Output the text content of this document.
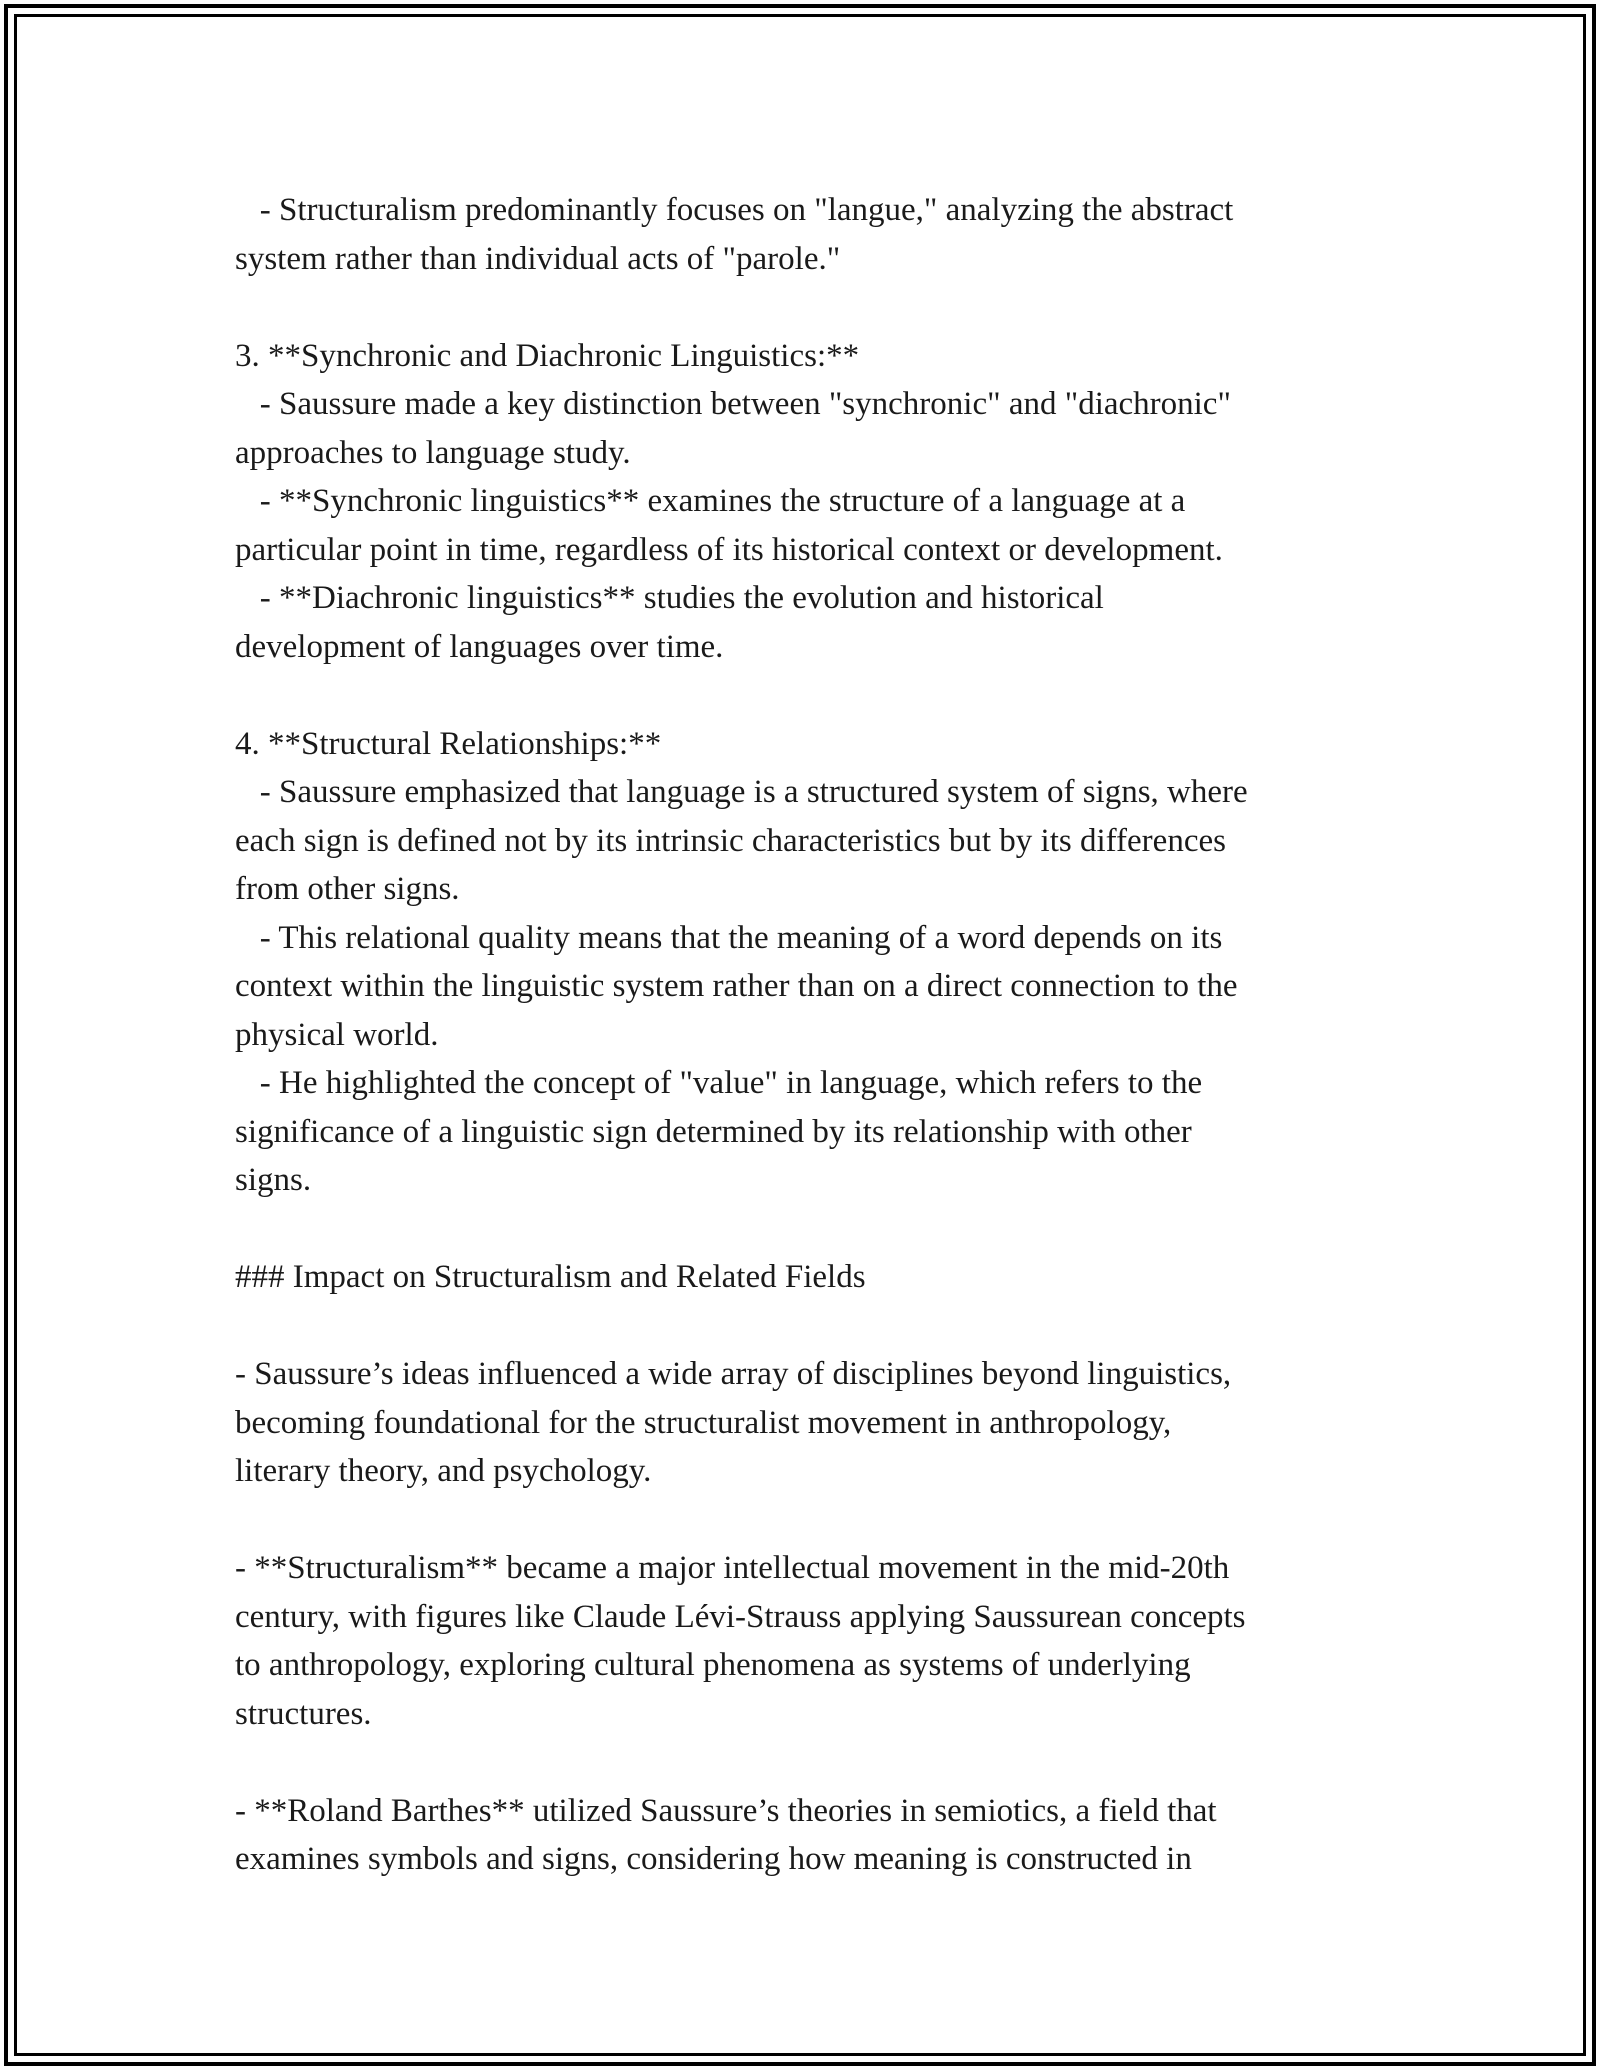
- Structuralism predominantly focuses on "langue," analyzing the abstract
system rather than individual acts of "parole."
3. **Synchronic and Diachronic Linguistics:**
- Saussure made a key distinction between "synchronic" and "diachronic"
approaches to language study.
- **Synchronic linguistics** examines the structure of a language at a
particular point in time, regardless of its historical context or development.
- **Diachronic linguistics** studies the evolution and historical
development of languages over time.
4. **Structural Relationships:**
- Saussure emphasized that language is a structured system of signs, where
each sign is defined not by its intrinsic characteristics but by its differences
from other signs.
- This relational quality means that the meaning of a word depends on its
context within the linguistic system rather than on a direct connection to the
physical world.
- He highlighted the concept of "value" in language, which refers to the
significance of a linguistic sign determined by its relationship with other
signs.
### Impact on Structuralism and Related Fields
- Saussure’s ideas influenced a wide array of disciplines beyond linguistics,
becoming foundational for the structuralist movement in anthropology,
literary theory, and psychology.
- **Structuralism** became a major intellectual movement in the mid-20th
century, with figures like Claude Lévi-Strauss applying Saussurean concepts
to anthropology, exploring cultural phenomena as systems of underlying
structures.
- **Roland Barthes** utilized Saussure’s theories in semiotics, a field that
examines symbols and signs, considering how meaning is constructed in
